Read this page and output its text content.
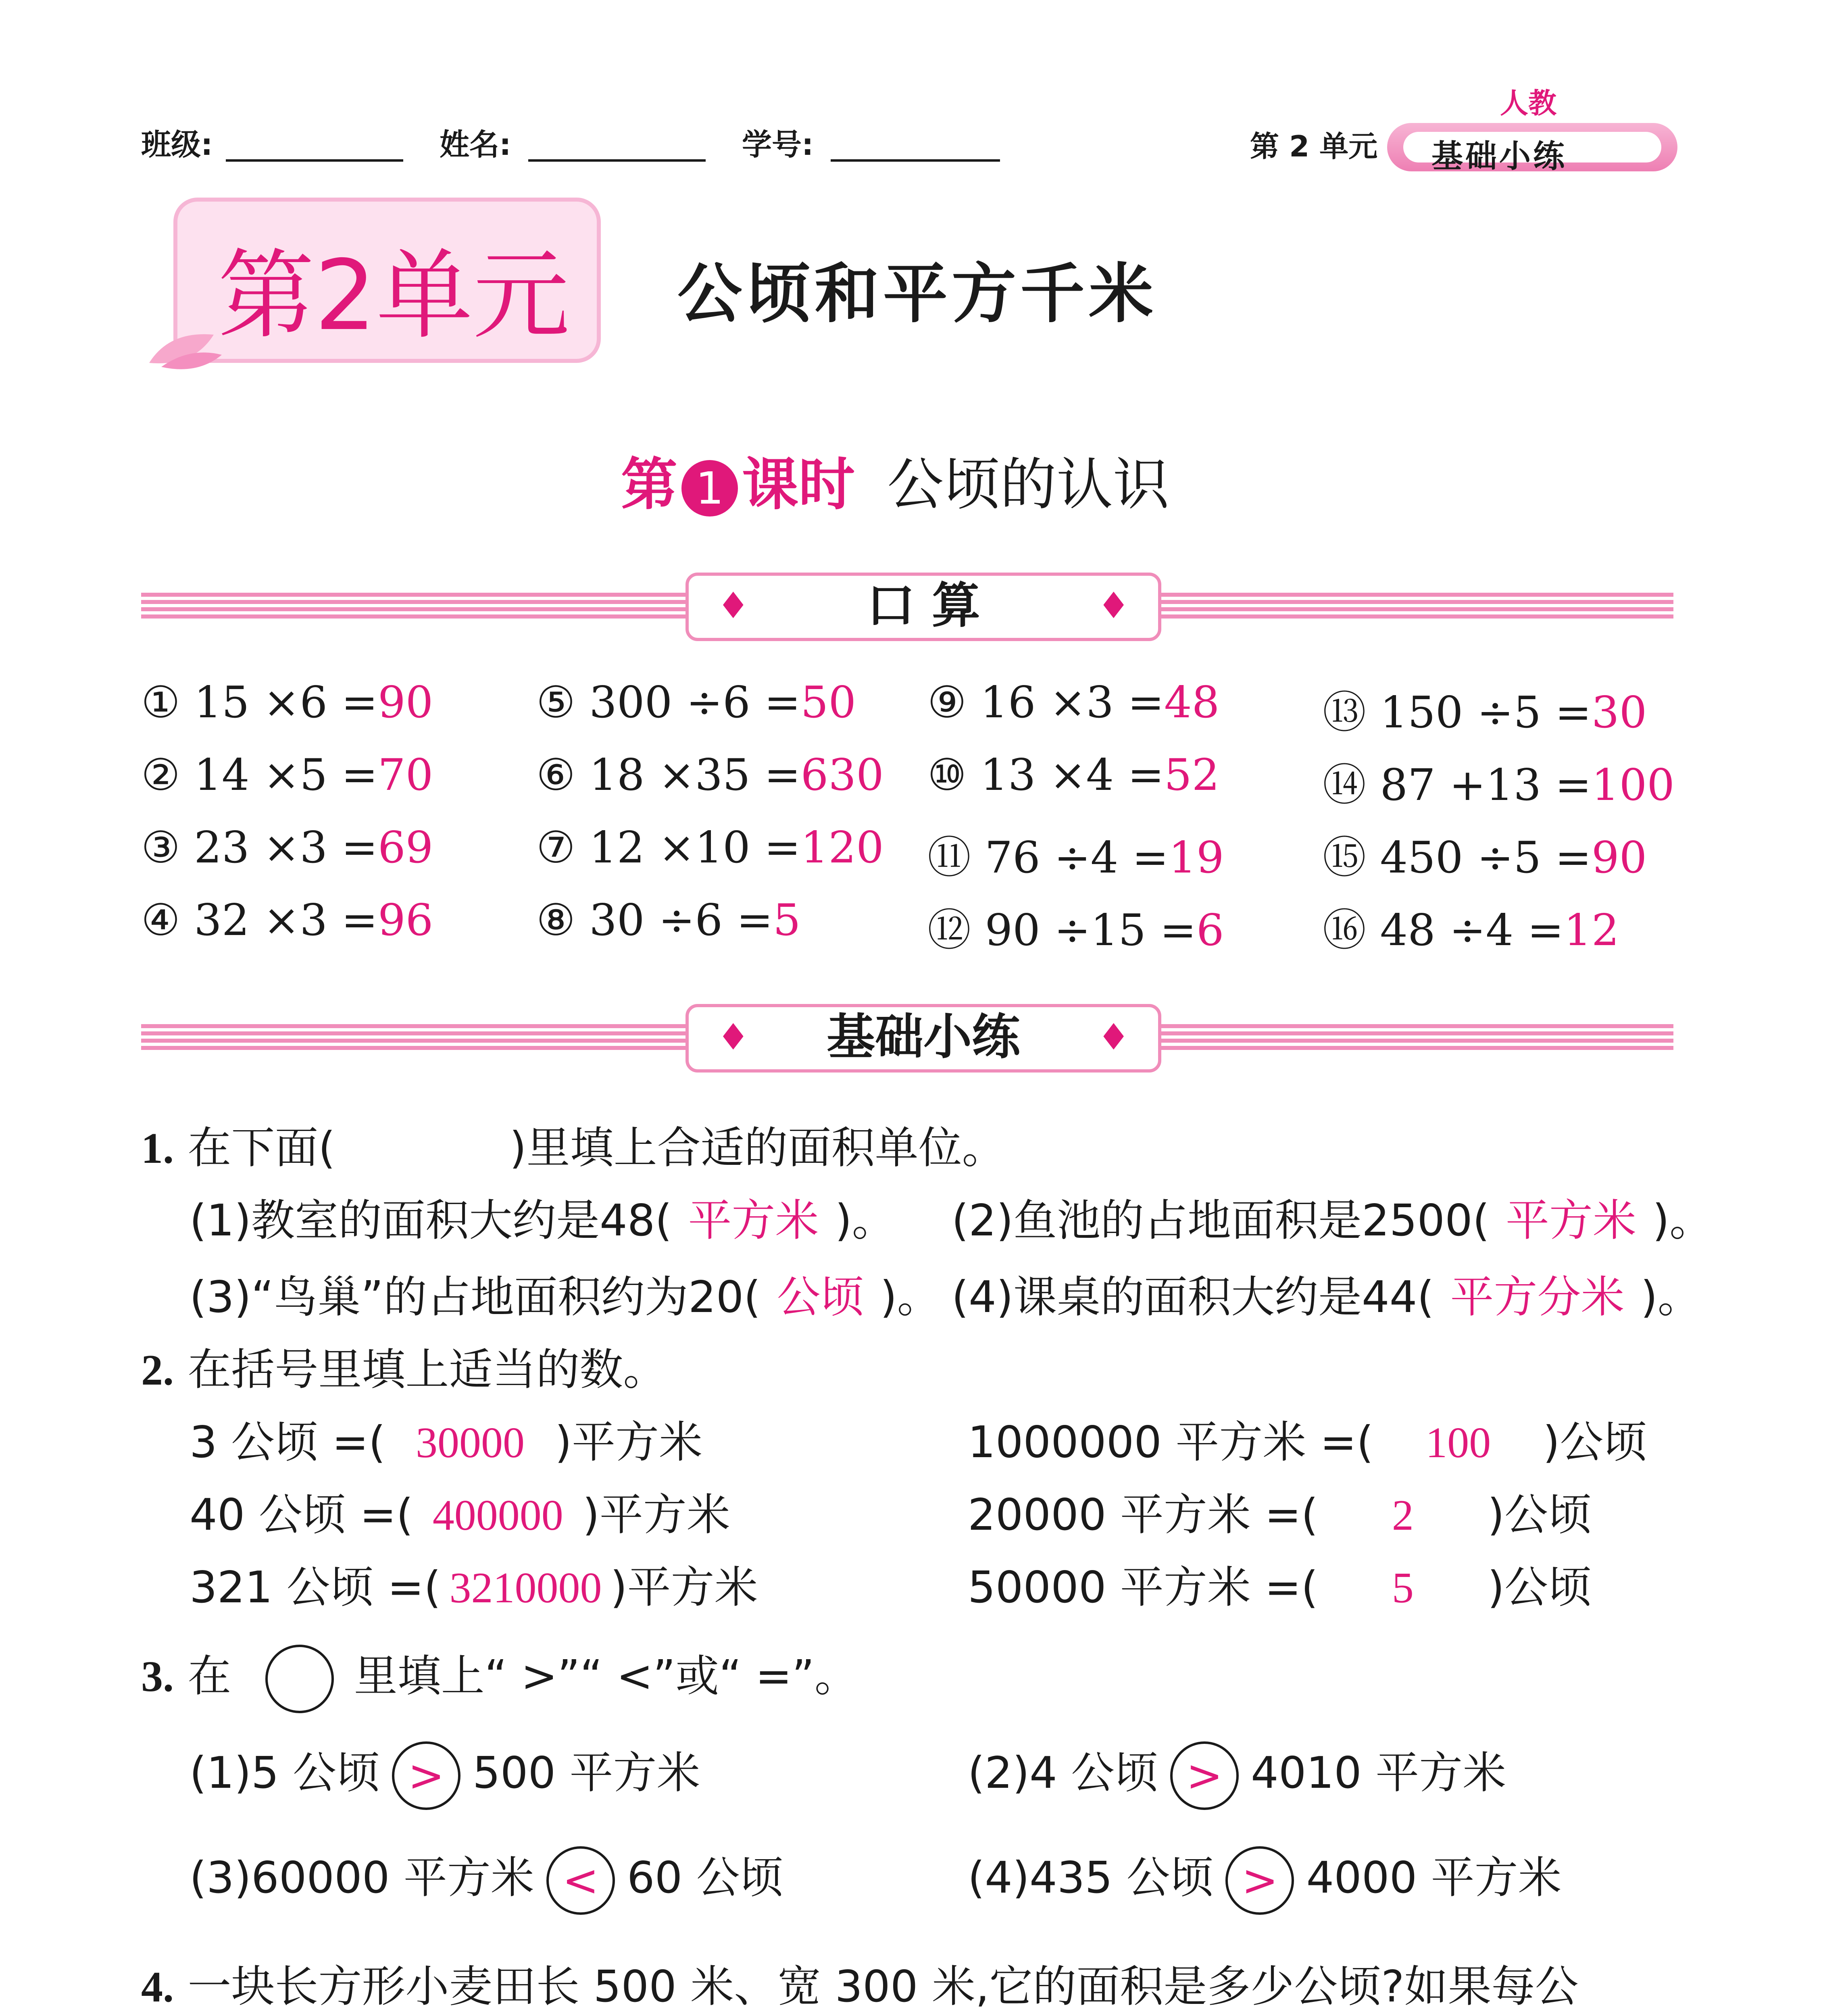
班级:	姓名:	学号:	第 2 单元
人教
基础小练
第2单元 公顷和平方千米
第 1 课时 公顷的认识
♦ 口 算	♦
① 15 ×6 =90
② 14 ×5 =70
③ 23 ×3 =69
④ 32 ×3 =96
⑤ 300 ÷6 =50
⑥ 18 ×35 =630
⑦ 12 ×10 =120
⑧ 30 ÷6 =5
⑨ 16 ×3 =48
⑩ 13 ×4 =52
⑪ 76 ÷4 =19
⑫ 90 ÷15 =6
⑬ 150 ÷5 =30
⑭ 87 +13 =100
⑮ 450 ÷5 =90
⑯ 48 ÷4 =12
♦ 基础小练 ♦
1. 在下面(　　　　)里填上合适的面积单位。
(1)教室的面积大约是48( 平方米 )。 (2)鱼池的占地面积是2500( 平方米 )。
(3)“鸟巢”的占地面积约为20( 公顷 )。 (4)课桌的面积大约是44( 平方分米 )。
2. 在括号里填上适当的数。
3 公顷 =( 30000 )平方米
40 公顷 =( 400000 )平方米
321 公顷 =( 3210000 )平方米
1000000 平方米 =( 100 )公顷
20000 平方米 =( 2 )公顷
50000 平方米 =( 5 )公顷
3. 在	里填上“ >”“ <”或“ =”。
(1)5 公顷 > 500 平方米	(2)4 公顷 > 4010 平方米
(3)60000 平方米 < 60 公顷	(4)435 公顷 > 4000 平方米
4. 一块长方形小麦田长 500 米、宽 300 米,它的面积是多少公顷?如果每公
